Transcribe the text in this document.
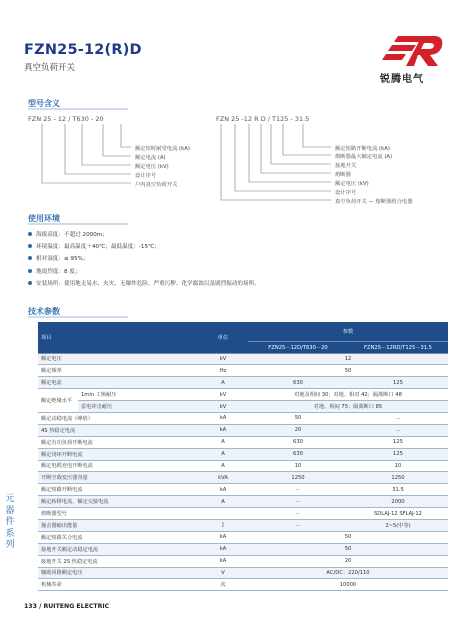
FZN25-12(R)D
真空负荷开关
锐腾电气
型号含义
FZN 25 - 12 / T630 - 20
额定短时耐受电流 (kA)
额定电流 (A)
额定电压 (kV)
设计序号
户内真空负荷开关
FZN 25 -12 R D / T125 - 31.5
额定短路开断电流 (kA)
熔断器最大额定电流 (A)
接地开关
熔断器
额定电压 (kV)
设计序号
真空负荷开关 — 熔断器组合电器
使用环境
海拔高度：不超过 2000m；
环境温度：最高温度＋40℃；最低温度：-15℃；
相对湿度：≤ 95%；
地震烈度：8 度；
安装场所：使用地无易水、火灾、无爆炸危险、严重污秽、化学腐蚀以及剧烈振动的场所。
技术参数
项目		单位	参数	
			FZN25－12D/T630－20	FZN25－12RD/T125－31.5
额定电压		kV	12	
额定频率		Hz	50	
额定电流		A	630	125
额定绝缘水平	1min 工频耐压	kV	对地及相间 30；对地、相对 42；隔离断口 48	
	雷电冲击耐压	kV	对地、相间 75；隔离断口 85	
额定动稳电流（峰值）		kA	50	－
4S 热稳定电流		kA	20	－
额定有功负荷开断电流		A	630	125
额定闭环开断电流		A	630	125
额定电缆充电开断电流		A	10	10
开断空载变压器容量		kVA	1250	1250
额定短路开断电流		kA	－	31.5
额定转移电流、额定交接电流		A	－	2000
熔断器型号			－	SDLAJ-12 SFLAJ-12
撞击器输出能量		J	－	2~5(中等)
额定短路关合电流		kA	50	
接地开关额定动稳定电流		kA	50	
接地开关 2S 热稳定电流		kA	20	
辅助回路额定电压		V	AC/DC：220/110	
机械寿命		次	10000	
元器件系列
133 / RUITENG ELECTRIC
